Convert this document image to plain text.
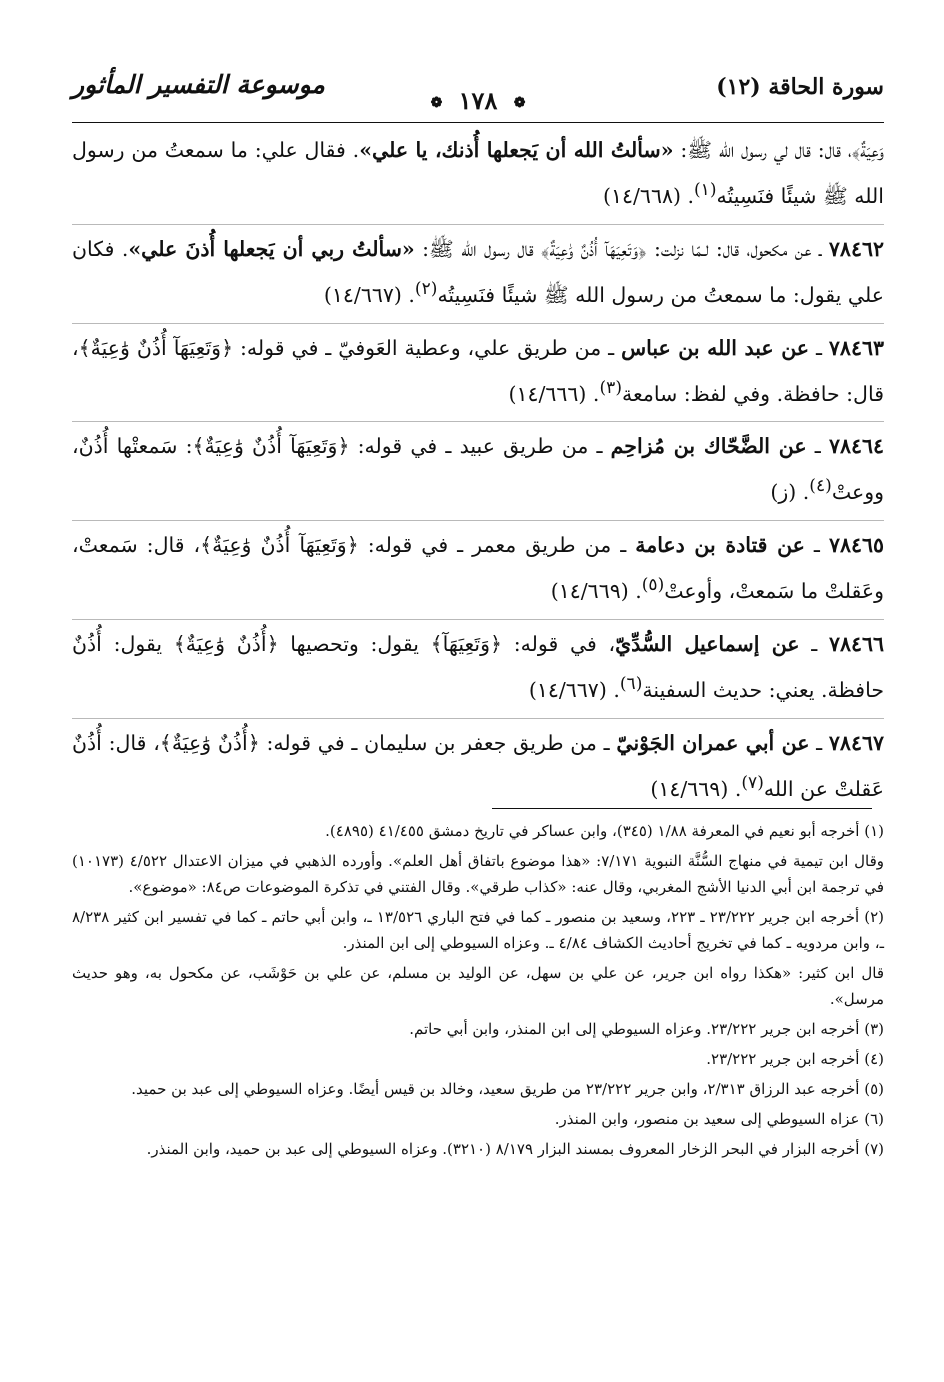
سورة الحاقة (١٢)
❁ ١٧٨ ❁
موسوعة التفسير المأثور

وَعِيَةٌ﴾، قال: قال لي رسول الله ﷺ: «سألتُ الله أن يَجعلها أُذنك، يا علي». فقال علي: ما سمعتُ من رسول الله ﷺ شيئًا فنَسِيتُه$^{(١)}$. (١٤/٦٦٨)

٧٨٤٦٢ ـ عن مكحول، قال: لـمّا نزلت: ﴿وَتَعِيَهَآ أُذُنٌ وَٰعِيَةٌ﴾ قال رسول الله ﷺ: «سألتُ ربي أن يَجعلها أُذنَ علي». فكان علي يقول: ما سمعتُ من رسول الله ﷺ شيئًا فنَسِيتُه$^{(٢)}$. (١٤/٦٦٧)

٧٨٤٦٣ ـ عن عبد الله بن عباس ـ من طريق علي، وعطية العَوفيّ ـ في قوله: ﴿وَتَعِيَهَآ أُذُنٌ وَٰعِيَةٌ﴾، قال: حافظة. وفي لفظ: سامعة$^{(٣)}$. (١٤/٦٦٦)

٧٨٤٦٤ ـ عن الضَّحّاك بن مُزاحِم ـ من طريق عبيد ـ في قوله: ﴿وَتَعِيَهَآ أُذُنٌ وَٰعِيَةٌ﴾: سَمعتْها أُذُنٌ، ووعتْ$^{(٤)}$. (ز)

٧٨٤٦٥ ـ عن قتادة بن دعامة ـ من طريق معمر ـ في قوله: ﴿وَتَعِيَهَآ أُذُنٌ وَٰعِيَةٌ﴾، قال: سَمعتْ، وعَقلتْ ما سَمعتْ، وأوعتْ$^{(٥)}$. (١٤/٦٦٩)

٧٨٤٦٦ ـ عن إسماعيل السُّدِّيّ، في قوله: ﴿وَتَعِيَهَآ﴾ يقول: وتحصيها ﴿أُذُنٌ وَٰعِيَةٌ﴾ يقول: أُذُنٌ حافظة. يعني: حديث السفينة$^{(٦)}$. (١٤/٦٦٧)

٧٨٤٦٧ ـ عن أبي عمران الجَوْنيّ ـ من طريق جعفر بن سليمان ـ في قوله: ﴿أُذُنٌ وَٰعِيَةٌ﴾، قال: أُذُنٌ عَقلتْ عن الله$^{(٧)}$. (١٤/٦٦٩)

(١) أخرجه أبو نعيم في المعرفة ١/٨٨ (٣٤٥)، وابن عساكر في تاريخ دمشق ٤١/٤٥٥ (٤٨٩٥).

وقال ابن تيمية في منهاج السُّنَّة النبوية ٧/١٧١: «هذا موضوع باتفاق أهل العلم». وأورده الذهبي في ميزان الاعتدال ٤/٥٢٢ (١٠١٧٣) في ترجمة ابن أبي الدنيا الأشج المغربي، وقال عنه: «كذاب طرقي». وقال الفتني في تذكرة الموضوعات ص٨٤: «موضوع».

(٢) أخرجه ابن جرير ٢٣/٢٢٢ ـ ٢٢٣، وسعيد بن منصور ـ كما في فتح الباري ١٣/٥٢٦ ـ، وابن أبي حاتم ـ كما في تفسير ابن كثير ٨/٢٣٨ ـ، وابن مردويه ـ كما في تخريج أحاديث الكشاف ٤/٨٤ ـ. وعزاه السيوطي إلى ابن المنذر.

قال ابن كثير: «هكذا رواه ابن جرير، عن علي بن سهل، عن الوليد بن مسلم، عن علي بن حَوْشَب، عن مكحول به، وهو حديث مرسل».

(٣) أخرجه ابن جرير ٢٣/٢٢٢. وعزاه السيوطي إلى ابن المنذر، وابن أبي حاتم.

(٤) أخرجه ابن جرير ٢٣/٢٢٢.

(٥) أخرجه عبد الرزاق ٢/٣١٣، وابن جرير ٢٣/٢٢٢ من طريق سعيد، وخالد بن قيس أيضًا. وعزاه السيوطي إلى عبد بن حميد.

(٦) عزاه السيوطي إلى سعيد بن منصور، وابن المنذر.

(٧) أخرجه البزار في البحر الزخار المعروف بمسند البزار ٨/١٧٩ (٣٢١٠). وعزاه السيوطي إلى عبد بن حميد، وابن المنذر.
